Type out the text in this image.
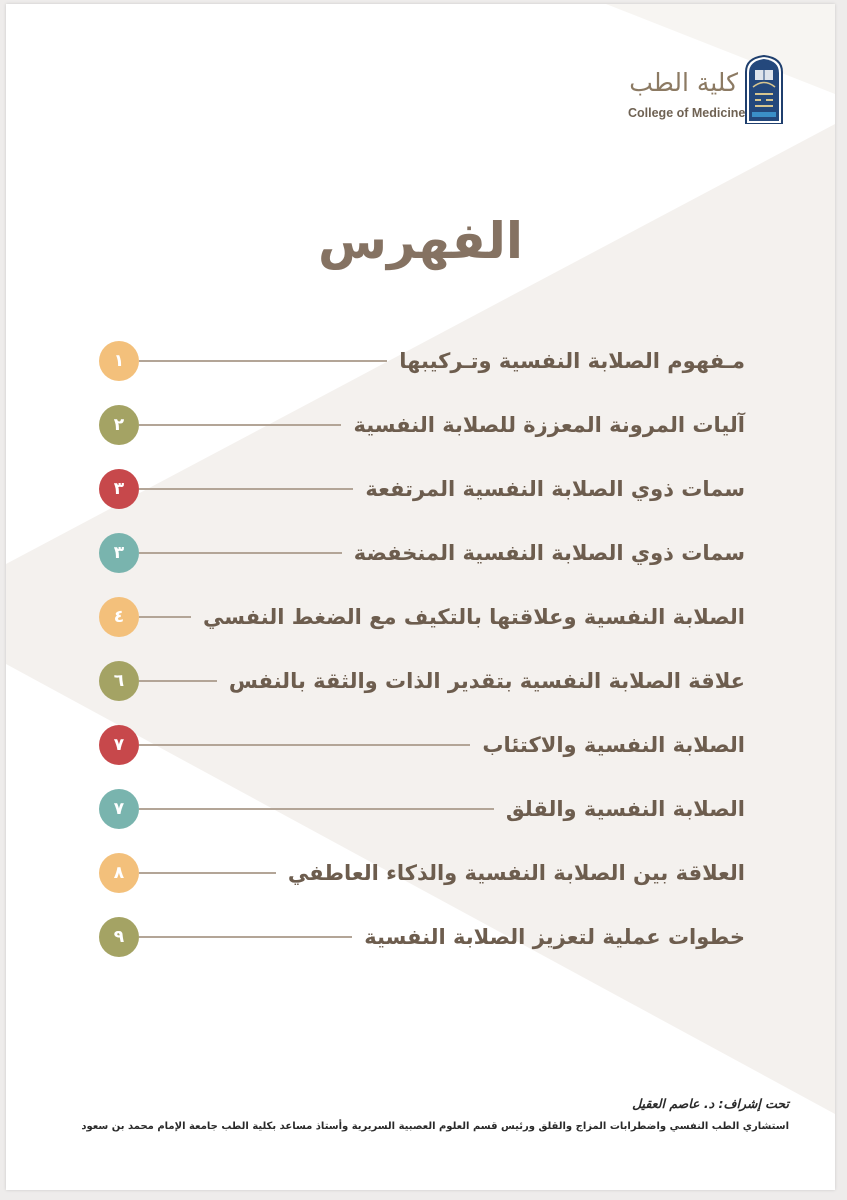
كلية الطب
College of Medicine
الفهرس
١	مـفهوم الصلابة النفسية وتـركيبها
٢	آليات المرونة المعززة للصلابة النفسية
٣	سمات ذوي الصلابة النفسية المرتفعة
٣	سمات ذوي الصلابة النفسية المنخفضة
٤	الصلابة النفسية وعلاقتها بالتكيف مع الضغط النفسي
٦	علاقة الصلابة النفسية بتقدير الذات والثقة بالنفس
٧	الصلابة النفسية والاكتئاب
٧	الصلابة النفسية والقلق
٨	العلاقة بين الصلابة النفسية والذكاء العاطفي
٩	خطوات عملية لتعزيز الصلابة النفسية

تحت إشراف: د. عاصم العقيل

استشاري الطب النفسي واضطرابات المزاج والقلق ورئيس قسم العلوم العصبية السريرية وأستاذ مساعد بكلية الطب جامعة الإمام محمد بن سعود
